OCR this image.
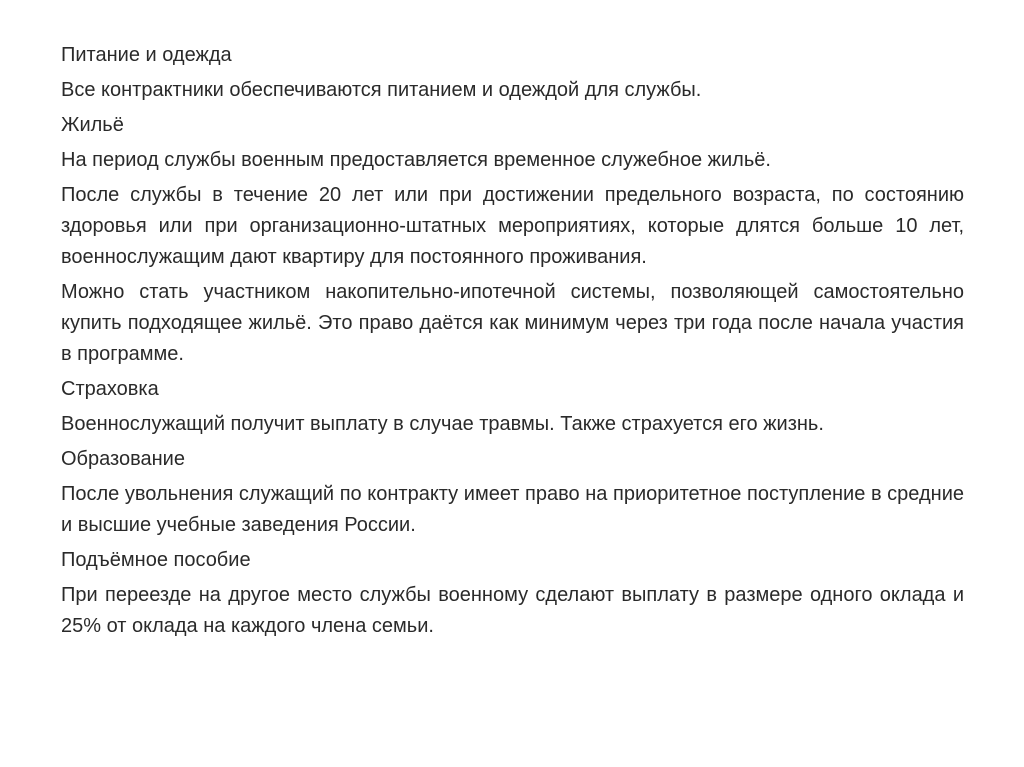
Питание и одежда

Все контрактники обеспечиваются питанием и одеждой для службы.

Жильё

На период службы военным предоставляется временное служебное жильё.

После службы в течение 20 лет или при достижении предельного возраста, по состоянию здоровья или при организационно-штатных мероприятиях, которые длятся больше 10 лет, военнослужащим дают квартиру для постоянного проживания.

Можно стать участником накопительно-ипотечной системы, позволяющей самостоятельно купить подходящее жильё. Это право даётся как минимум через три года после начала участия в программе.

Страховка

Военнослужащий получит выплату в случае травмы. Также страхуется его жизнь.

Образование

После увольнения служащий по контракту имеет право на приоритетное поступление в средние и высшие учебные заведения России.

Подъёмное пособие

При переезде на другое место службы военному сделают выплату в размере одного оклада и 25% от оклада на каждого члена семьи.
